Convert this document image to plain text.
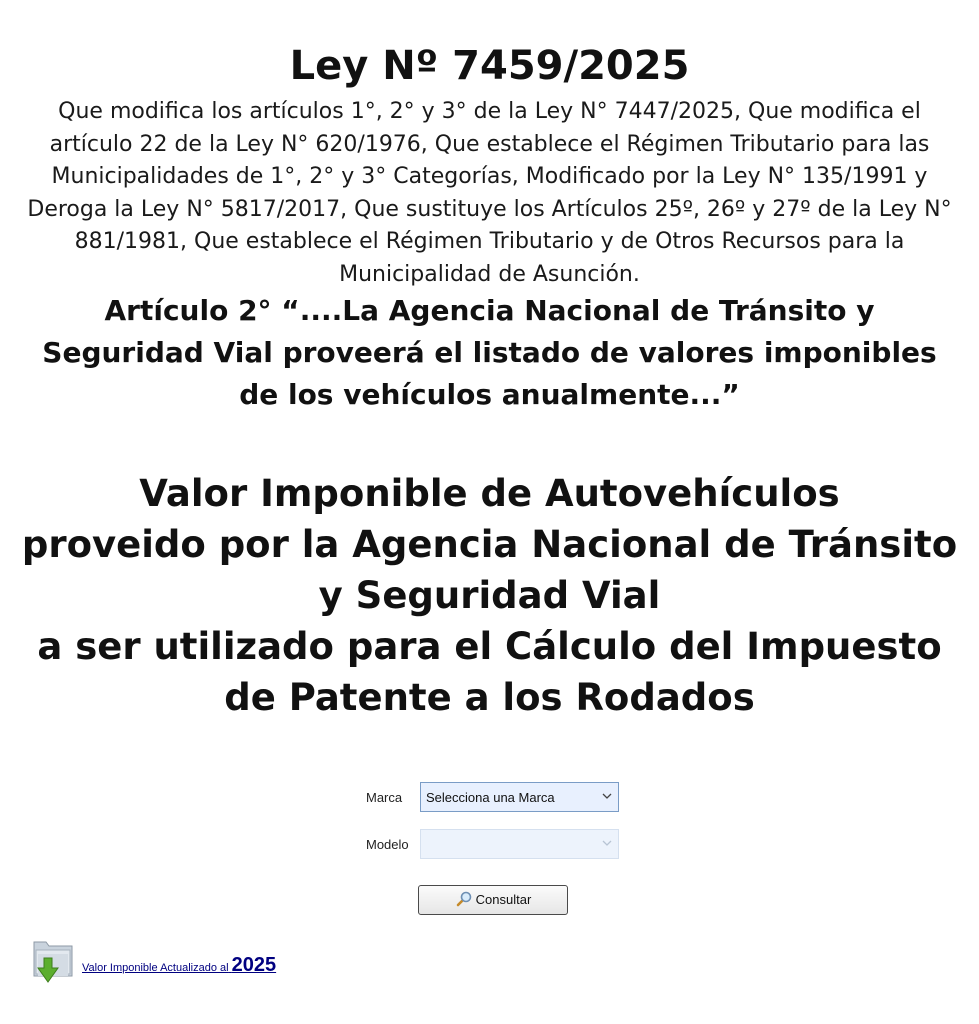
Ley Nº 7459/2025
Que modifica los artículos 1°, 2° y 3° de la Ley N° 7447/2025, Que modifica el artículo 22 de la Ley N° 620/1976, Que establece el Régimen Tributario para las Municipalidades de 1°, 2° y 3° Categorías, Modificado por la Ley N° 135/1991 y Deroga la Ley N° 5817/2017, Que sustituye los Artículos 25º, 26º y 27º de la Ley N° 881/1981, Que establece el Régimen Tributario y de Otros Recursos para la Municipalidad de Asunción.
Artículo 2° “....La Agencia Nacional de Tránsito y Seguridad Vial proveerá el listado de valores imponibles de los vehículos anualmente...”
Valor Imponible de Autovehículos
proveido por la Agencia Nacional de Tránsito y Seguridad Vial
a ser utilizado para el Cálculo del Impuesto de Patente a los Rodados
Marca	Selecciona una Marca
Modelo
Consultar
Valor Imponible Actualizado al 2025
